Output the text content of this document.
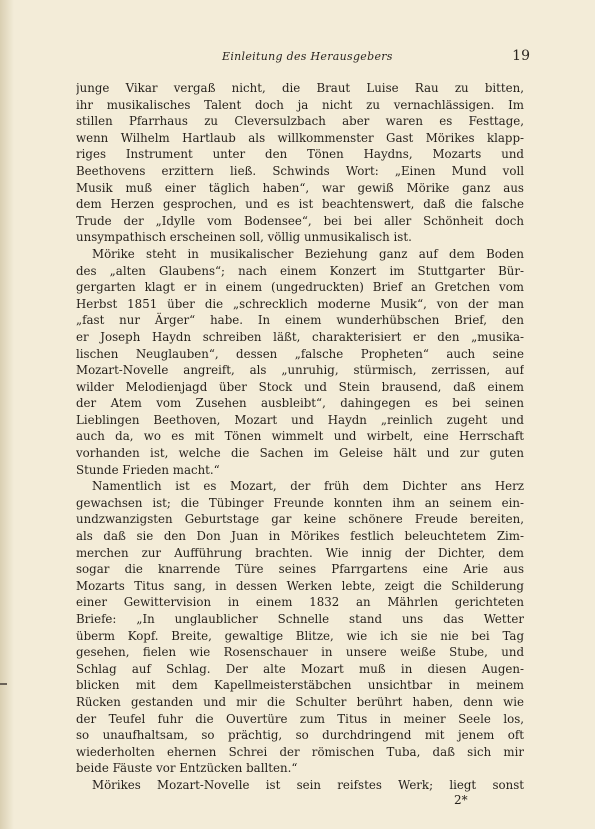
Einleitung des Herausgebers	19
junge Vikar vergaß nicht, die Braut Luise Rau zu bitten,
ihr musikalisches Talent doch ja nicht zu vernachlässigen. Im
stillen Pfarrhaus zu Cleversulzbach aber waren es Festtage,
wenn Wilhelm Hartlaub als willkommenster Gast Mörikes klapp-
riges Instrument unter den Tönen Haydns, Mozarts und
Beethovens erzittern ließ. Schwinds Wort: „Einen Mund voll
Musik muß einer täglich haben“, war gewiß Mörike ganz aus
dem Herzen gesprochen, und es ist beachtenswert, daß die falsche
Trude der „Idylle vom Bodensee“, bei bei aller Schönheit doch
unsympathisch erscheinen soll, völlig unmusikalisch ist.
Mörike steht in musikalischer Beziehung ganz auf dem Boden
des „alten Glaubens“; nach einem Konzert im Stuttgarter Bür-
gergarten klagt er in einem (ungedruckten) Brief an Gretchen vom
Herbst 1851 über die „schrecklich moderne Musik“, von der man
„fast nur Ärger“ habe. In einem wunderhübschen Brief, den
er Joseph Haydn schreiben läßt, charakterisiert er den „musika-
lischen Neuglauben“, dessen „falsche Propheten“ auch seine
Mozart-Novelle angreift, als „unruhig, stürmisch, zerrissen, auf
wilder Melodienjagd über Stock und Stein brausend, daß einem
der Atem vom Zusehen ausbleibt“, dahingegen es bei seinen
Lieblingen Beethoven, Mozart und Haydn „reinlich zugeht und
auch da, wo es mit Tönen wimmelt und wirbelt, eine Herrschaft
vorhanden ist, welche die Sachen im Geleise hält und zur guten
Stunde Frieden macht.“
Namentlich ist es Mozart, der früh dem Dichter ans Herz
gewachsen ist; die Tübinger Freunde konnten ihm an seinem ein-
undzwanzigsten Geburtstage gar keine schönere Freude bereiten,
als daß sie den Don Juan in Mörikes festlich beleuchtetem Zim-
merchen zur Aufführung brachten. Wie innig der Dichter, dem
sogar die knarrende Türe seines Pfarrgartens eine Arie aus
Mozarts Titus sang, in dessen Werken lebte, zeigt die Schilderung
einer Gewittervision in einem 1832 an Mährlen gerichteten
Briefe: „In unglaublicher Schnelle stand uns das Wetter
überm Kopf. Breite, gewaltige Blitze, wie ich sie nie bei Tag
gesehen, fielen wie Rosenschauer in unsere weiße Stube, und
Schlag auf Schlag. Der alte Mozart muß in diesen Augen-
blicken mit dem Kapellmeisterstäbchen unsichtbar in meinem
Rücken gestanden und mir die Schulter berührt haben, denn wie
der Teufel fuhr die Ouvertüre zum Titus in meiner Seele los,
so unaufhaltsam, so prächtig, so durchdringend mit jenem oft
wiederholten ehernen Schrei der römischen Tuba, daß sich mir
beide Fäuste vor Entzücken ballten.“
Mörikes Mozart-Novelle ist sein reifstes Werk; liegt sonst
2*
